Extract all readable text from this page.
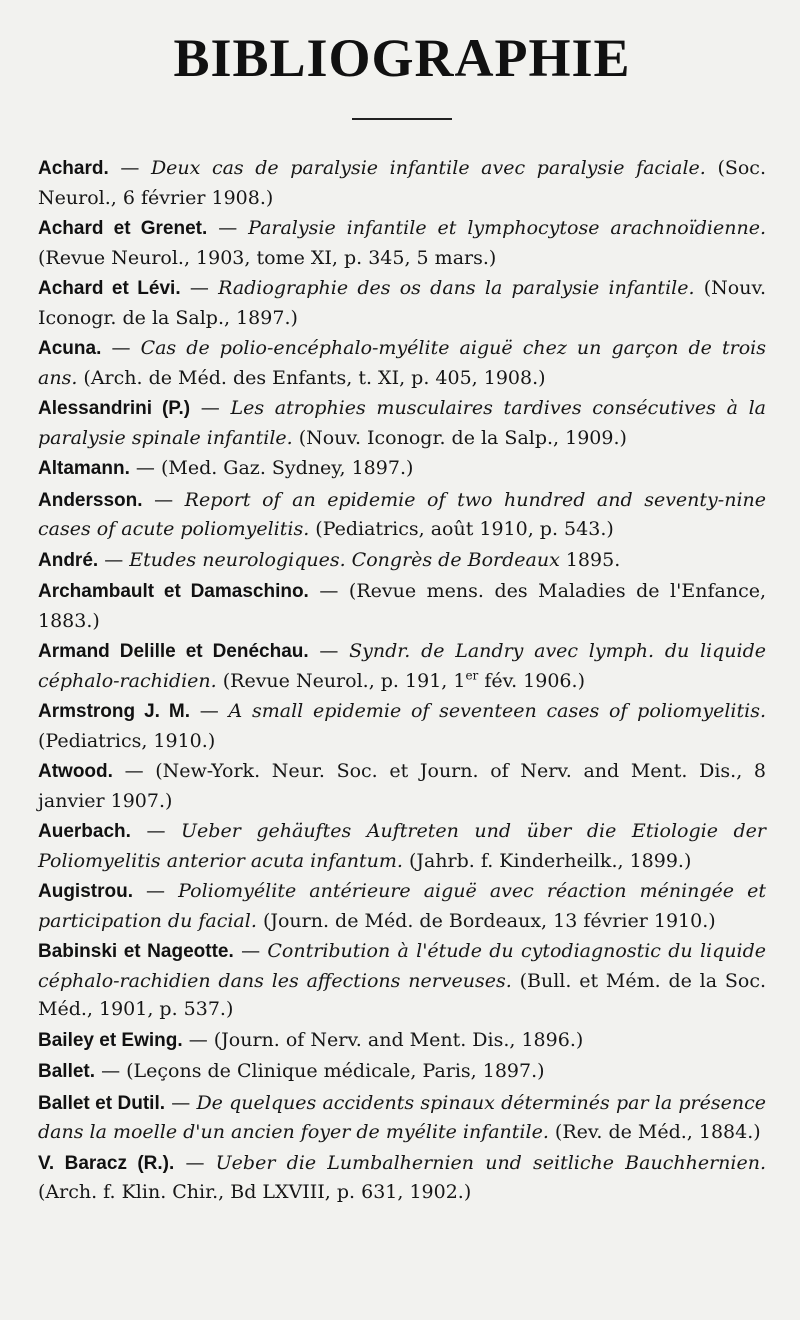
BIBLIOGRAPHIE

Achard. — Deux cas de paralysie infantile avec paralysie faciale. (Soc. Neurol., 6 février 1908.)

Achard et Grenet. — Paralysie infantile et lymphocytose arachnoïdienne. (Revue Neurol., 1903, tome XI, p. 345, 5 mars.)

Achard et Lévi. — Radiographie des os dans la paralysie infantile. (Nouv. Iconogr. de la Salp., 1897.)

Acuna. — Cas de polio-encéphalo-myélite aiguë chez un garçon de trois ans. (Arch. de Méd. des Enfants, t. XI, p. 405, 1908.)

Alessandrini (P.) — Les atrophies musculaires tardives consécutives à la paralysie spinale infantile. (Nouv. Iconogr. de la Salp., 1909.)

Altamann. — (Med. Gaz. Sydney, 1897.)

Andersson. — Report of an epidemie of two hundred and seventy-nine cases of acute poliomyelitis. (Pediatrics, août 1910, p. 543.)

André. — Etudes neurologiques. Congrès de Bordeaux 1895.

Archambault et Damaschino. — (Revue mens. des Maladies de l'Enfance, 1883.)

Armand Delille et Denéchau. — Syndr. de Landry avec lymph. du liquide céphalo-rachidien. (Revue Neurol., p. 191, 1er fév. 1906.)

Armstrong J. M. — A small epidemie of seventeen cases of poliomyelitis. (Pediatrics, 1910.)

Atwood. — (New-York. Neur. Soc. et Journ. of Nerv. and Ment. Dis., 8 janvier 1907.)

Auerbach. — Ueber gehäuftes Auftreten und über die Etiologie der Poliomyelitis anterior acuta infantum. (Jahrb. f. Kinderheilk., 1899.)

Augistrou. — Poliomyélite antérieure aiguë avec réaction méningée et participation du facial. (Journ. de Méd. de Bordeaux, 13 février 1910.)

Babinski et Nageotte. — Contribution à l'étude du cytodiagnostic du liquide céphalo-rachidien dans les affections nerveuses. (Bull. et Mém. de la Soc. Méd., 1901, p. 537.)

Bailey et Ewing. — (Journ. of Nerv. and Ment. Dis., 1896.)

Ballet. — (Leçons de Clinique médicale, Paris, 1897.)

Ballet et Dutil. — De quelques accidents spinaux déterminés par la présence dans la moelle d'un ancien foyer de myélite infantile. (Rev. de Méd., 1884.)

V. Baracz (R.). — Ueber die Lumbalhernien und seitliche Bauchhernien. (Arch. f. Klin. Chir., Bd LXVIII, p. 631, 1902.)
